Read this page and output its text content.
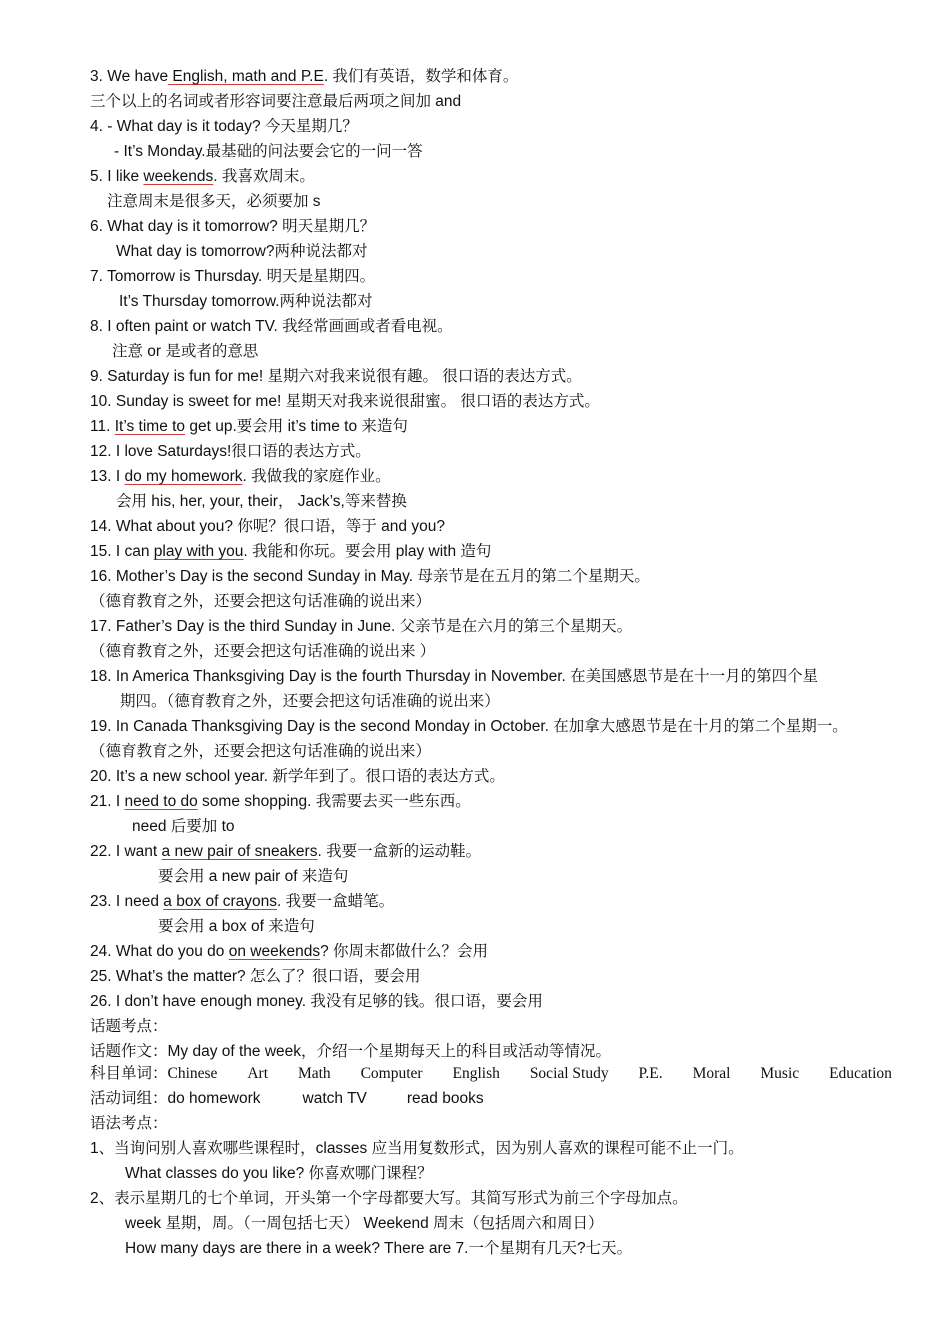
3. We have English, math and P.E. 我们有英语，数学和体育。
三个以上的名词或者形容词要注意最后两项之间加 and
4. - What day is it today? 今天星期几？
- It’s Monday.最基础的问法要会它的一问一答
5. I like weekends. 我喜欢周末。
注意周末是很多天，必须要加 s
6. What day is it tomorrow? 明天星期几？
What day is tomorrow?两种说法都对
7. Tomorrow is Thursday. 明天是星期四。
It’s Thursday tomorrow.两种说法都对
8. I often paint or watch TV. 我经常画画或者看电视。
注意 or 是或者的意思
9. Saturday is fun for me! 星期六对我来说很有趣。 很口语的表达方式。
10. Sunday is sweet for me! 星期天对我来说很甜蜜。 很口语的表达方式。
11. It’s time to get up.要会用 it’s time to 来造句
12. I love Saturdays!很口语的表达方式。
13. I do my homework. 我做我的家庭作业。
会用 his, her, your, their， Jack’s,等来替换
14. What about you? 你呢？很口语，等于 and you?
15. I can play with you. 我能和你玩。要会用 play with 造句
16. Mother’s Day is the second Sunday in May. 母亲节是在五月的第二个星期天。
（德育教育之外，还要会把这句话准确的说出来）
17. Father’s Day is the third Sunday in June. 父亲节是在六月的第三个星期天。
（德育教育之外，还要会把这句话准确的说出来 ）
18. In America Thanksgiving Day is the fourth Thursday in November. 在美国感恩节是在十一月的第四个星
期四。（德育教育之外，还要会把这句话准确的说出来）
19. In Canada Thanksgiving Day is the second Monday in October. 在加拿大感恩节是在十月的第二个星期一。
（德育教育之外，还要会把这句话准确的说出来）
20. It’s a new school year. 新学年到了。很口语的表达方式。
21. I need to do some shopping. 我需要去买一些东西。
need 后要加 to
22. I want a new pair of sneakers. 我要一盒新的运动鞋。
要会用 a new pair of 来造句
23. I need a box of crayons. 我要一盒蜡笔。
要会用 a box of 来造句
24. What do you do on weekends? 你周末都做什么？会用
25. What’s the matter? 怎么了？很口语，要会用
26. I don’t have enough money. 我没有足够的钱。很口语，要会用
话题考点：
话题作文：My day of the week，介绍一个星期每天上的科目或活动等情况。
科目单词：Chinese Art Math Computer English Social Study P.E. Moral Music Education
活动词组：do homework	watch TV	read books
语法考点：
1、当询问别人喜欢哪些课程时，classes 应当用复数形式，因为别人喜欢的课程可能不止一门。
What classes do you like? 你喜欢哪门课程？
2、表示星期几的七个单词，开头第一个字母都要大写。其简写形式为前三个字母加点。
week 星期，周。（一周包括七天） Weekend 周末（包括周六和周日）
How many days are there in a week? There are 7.一个星期有几天?七天。
